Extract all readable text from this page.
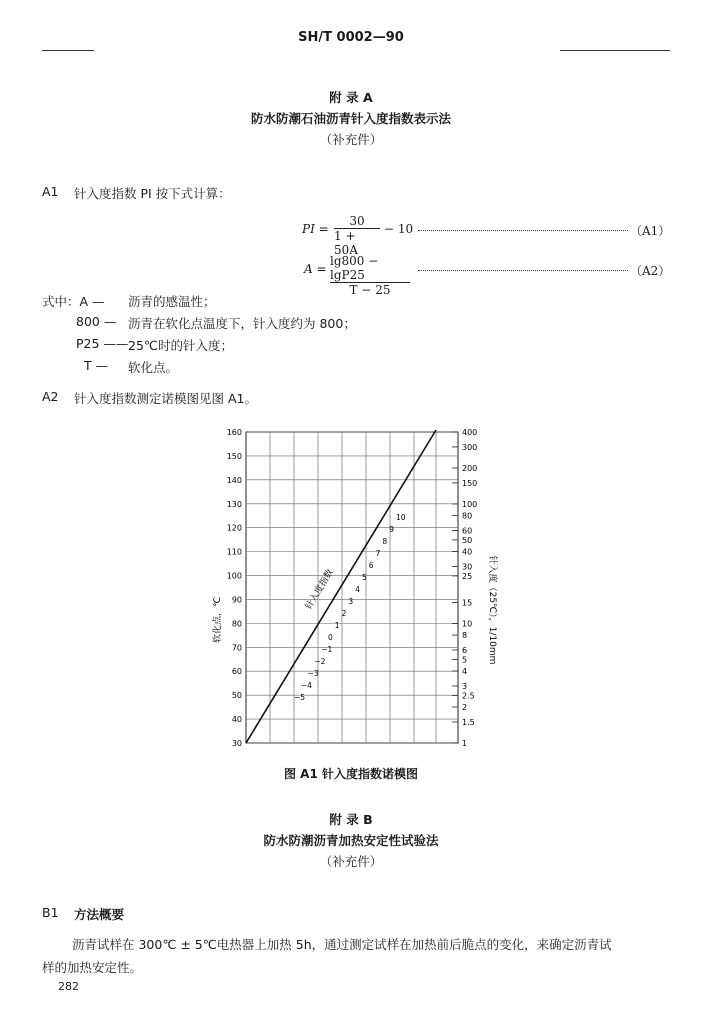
SH/T 0002—90
附 录 A
防水防潮石油沥青针入度指数表示法
（补充件）
A1 针入度指数 PI 按下式计算：
PI =
30
1 + 50A
− 10	（A1）
A =
lg800 − lgP25
T − 25
（A2）
式中：A — 沥青的感温性；
800 — 沥青在软化点温度下，针入度约为 800；
P25 —— 25℃时的针入度；
T — 软化点。
A2 针入度指数测定诺模图见图 A1。
160
150
140
130
120
110
100
90
80
70
60
50
40
30
400
300
200
150
100
80
60
50
40
30
25
15
10
8
6
5
4
3
2.5
2
1.5
1
10
9
8
7
6
5
4
3
2
1
0
−1
−2
−3
−4
−5
针入度指数
软化点，℃	针入度（25℃），1/10mm
图 A1 针入度指数诺模图
附 录 B
防水防潮沥青加热安定性试验法
（补充件）
B1 方法概要
沥青试样在 300℃ ± 5℃电热器上加热 5h，通过测定试样在加热前后脆点的变化，来确定沥青试
样的加热安定性。
282
